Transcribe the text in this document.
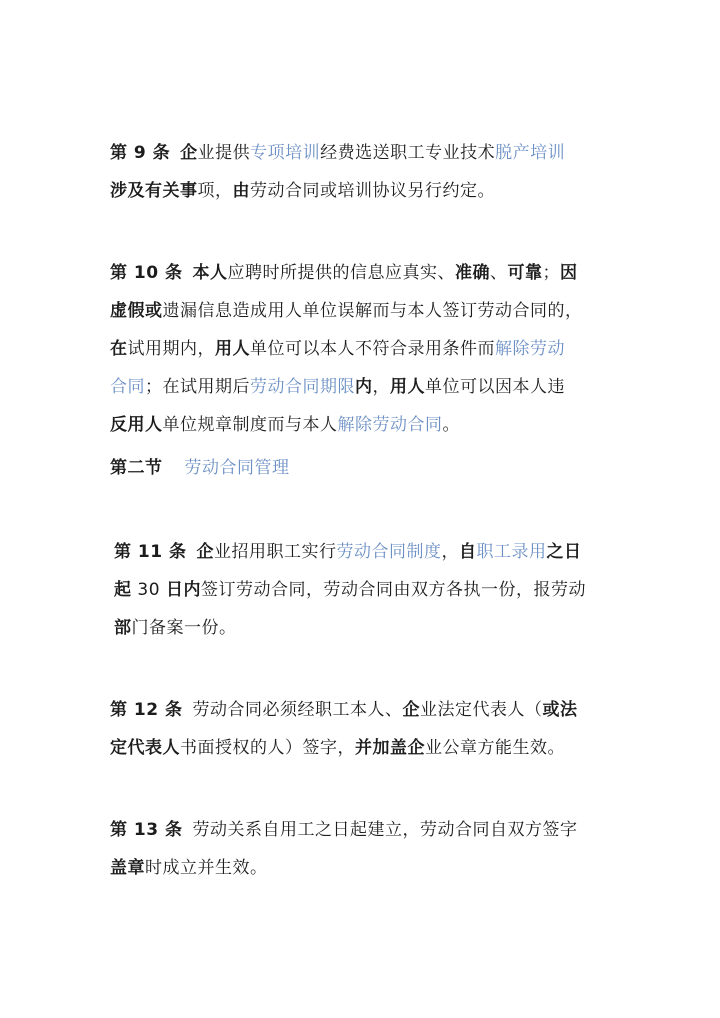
第 9 条 企业提供专项培训经费选送职工专业技术脱产培训
涉及有关事项，由劳动合同或培训协议另行约定。
第 10 条 本人应聘时所提供的信息应真实、准确、可靠；因
虚假或遗漏信息造成用人单位误解而与本人签订劳动合同的，
在试用期内，用人单位可以本人不符合录用条件而解除劳动
合同；在试用期后劳动合同期限内，用人单位可以因本人违
反用人单位规章制度而与本人解除劳动合同。
第二节 劳动合同管理
第 11 条 企业招用职工实行劳动合同制度，自职工录用之日
起 30 日内签订劳动合同，劳动合同由双方各执一份，报劳动
部门备案一份。
第 12 条 劳动合同必须经职工本人、企业法定代表人（或法
定代表人书面授权的人）签字，并加盖企业公章方能生效。
第 13 条 劳动关系自用工之日起建立，劳动合同自双方签字
盖章时成立并生效。
